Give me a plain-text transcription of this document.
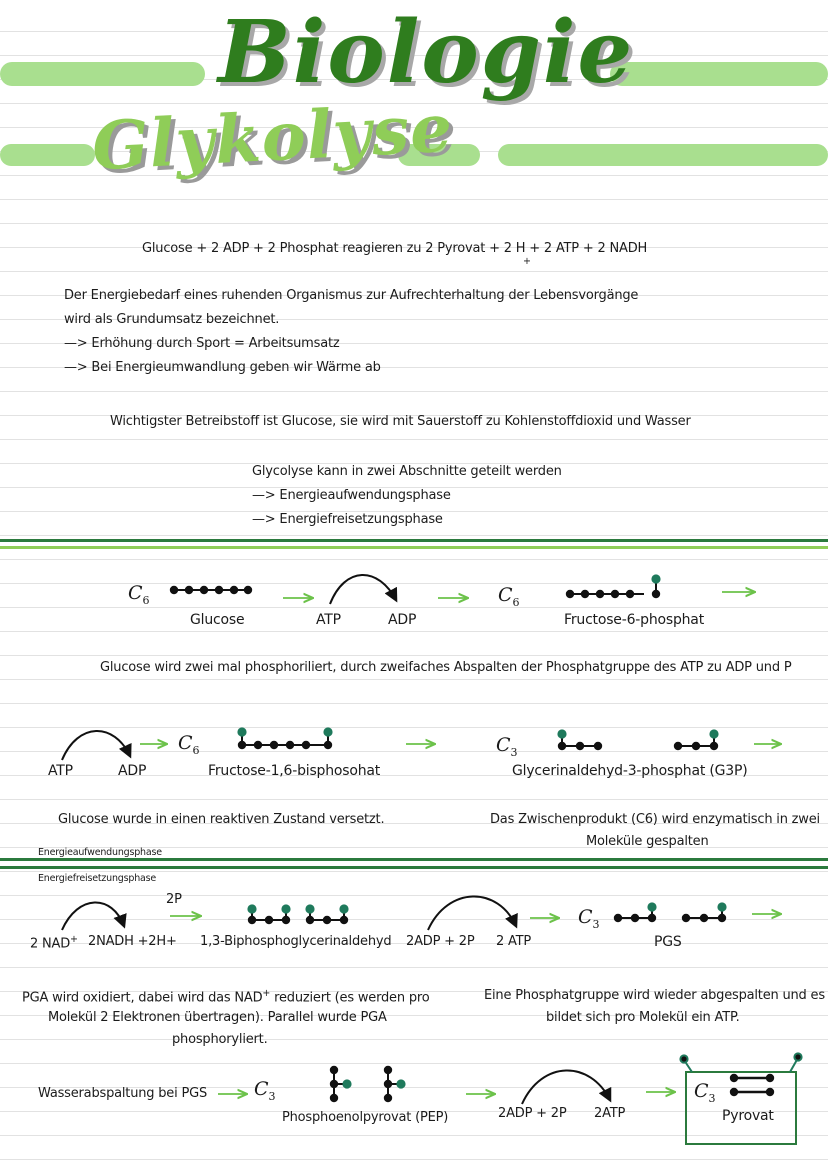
Biologie
Glykolyse
Glucose + 2 ADP + 2 Phosphat reagieren zu 2 Pyrovat + 2 H + 2 ATP + 2 NADH
+
Der Energiebedarf eines ruhenden Organismus zur Aufrechterhaltung der Lebensvorgänge
wird als Grundumsatz bezeichnet.
—> Erhöhung durch Sport = Arbeitsumsatz
—> Bei Energieumwandlung geben wir Wärme ab
Wichtigster Betreibstoff ist Glucose, sie wird mit Sauerstoff zu Kohlenstoffdioxid und Wasser
Glycolyse kann in zwei Abschnitte geteilt werden
—> Energieaufwendungsphase
—> Energiefreisetzungsphase
$C_6$
Glucose	ATP	ADP
$C_6$
Fructose-6-phosphat
Glucose wird zwei mal phosphoriliert, durch zweifaches Abspalten der Phosphatgruppe des ATP zu ADP und P
ATP	ADP
$C_6$
Fructose-1,6-bisphosohat
$C_3$
Glycerinaldehyd-3-phosphat (G3P)
Glucose wurde in einen reaktiven Zustand versetzt.	Das Zwischenprodukt (C6) wird enzymatisch in zwei
Moleküle gespalten
Energieaufwendungsphase
Energiefreisetzungsphase
2P
2 NAD+ 2NADH +2H+ 1,3-Biphosphoglycerinaldehyd 2ADP + 2P 2 ATP
$C_3$
PGS
PGA wird oxidiert, dabei wird das NAD+ reduziert (es werden pro
Molekül 2 Elektronen übertragen). Parallel wurde PGA
phosphoryliert.
Eine Phosphatgruppe wird wieder abgespalten und es
bildet sich pro Molekül ein ATP.
Wasserabspaltung bei PGS $C_3$
Phosphoenolpyrovat (PEP)	2ADP + 2P 2ATP
$C_3$
Pyrovat
